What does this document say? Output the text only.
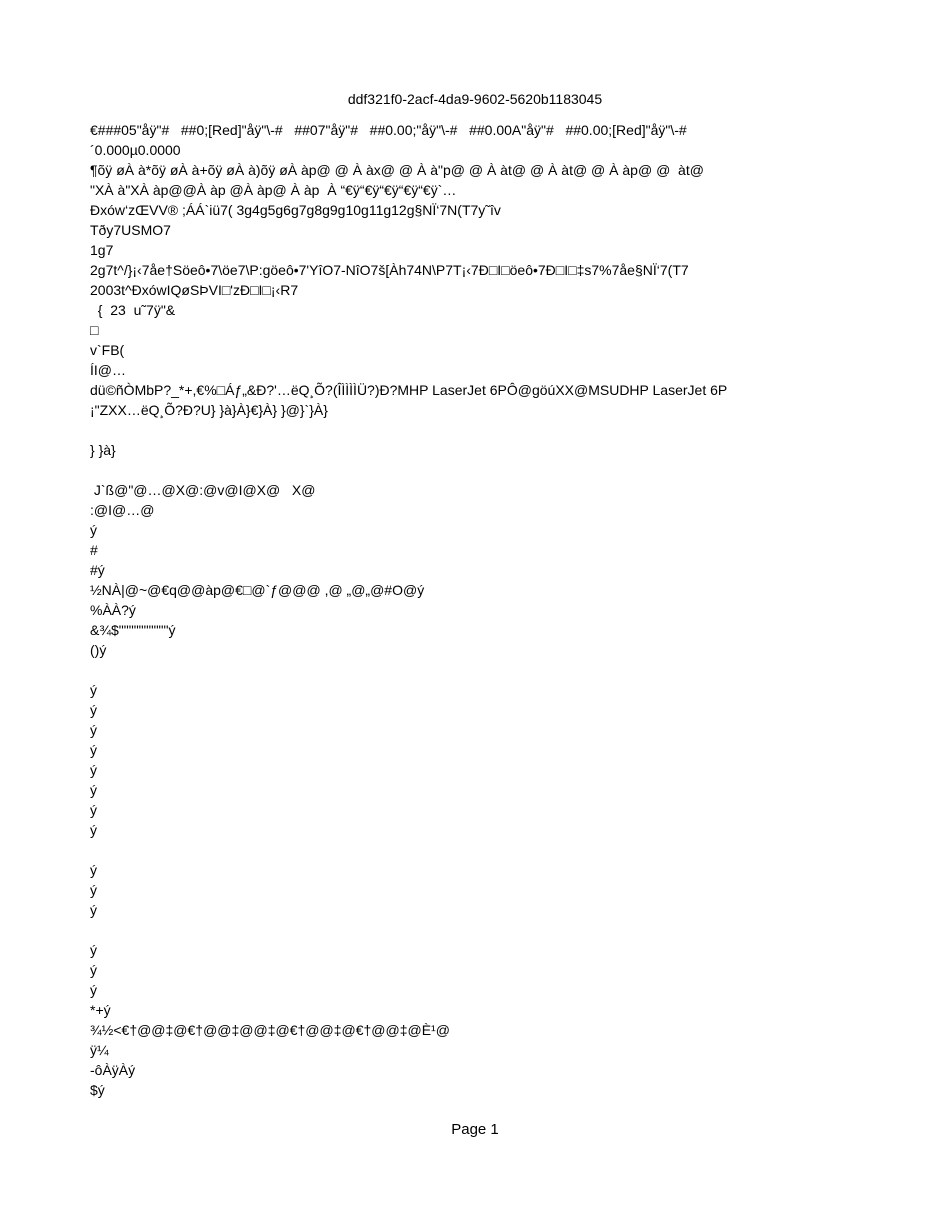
ddf321f0-2acf-4da9-9602-5620b1183045
€###05"åÿ"#   ##0;[Red]"åÿ"\-#   ##07"åÿ"#   ##0.00;"åÿ"\-#   ##0.00A"åÿ"#   ##0.00;[Red]"åÿ"\-#
´0.000µ0.0000
¶õÿ øÀ à*õÿ øÀ à+õÿ øÀ à)õÿ øÀ àp@ @ À àx@ @ À à"p@ @ À àt@ @ À àt@ @ À àp@ @  àt@
"XÀ à"XÀ àp@@À àp @À àp@ À àp  À “€ÿ“€ÿ“€ÿ“€ÿ“€ÿ`…
Ðxów‘zŒVV® ;ÁÁ`iü7( 3g4g5g6g7g8g9g10g11g12g§NÏ‘7N(T7y˜îv
Tðy7USMO7
1g7
2g7t^/}¡‹7åe†Söeô•7\öe7\P:göeô•7'YîO7-NîO7š[Àh74N\P7T¡‹7Ð□I□öeô•7Ð□I□‡s7%7åe§NÏ‘7(T7
2003t^ÐxówIQøSÞVI□'zÐ□I□¡‹R7
{  23  u˜7ÿ"&
□
v`FB(
ÍI@…
dü©ñÒMbP?_*+,€%□Áƒ„&Ð?'…ëQ¸Õ?(ÎÌÌÌÌÜ?)Ð?MHP LaserJet 6PÔ@göúXX@MSUDHP LaserJet 6P
¡"ZXX…ëQ¸Õ?Ð?U} }à}À}€}À} }@}`}À}
} }à}
J`ß@"@…@X@:@v@I@X@   X@
:@I@…@
ý
#
#ý
½NÀ|@~@€q@@àp@€□@`ƒ@@@ ,@ „@„@#O@ý
%ÀÀ?ý
&¾$""""""""""ý
()ý
ý
ý
ý
ý
ý
ý
ý
ý
ý
ý
ý
ý
ý
ý
*+ý
¾½<€†@@‡@€†@@‡@@‡@€†@@‡@€†@@‡@È¹@
ÿ¼
-ôÀÿÀý
$ý
Page 1
